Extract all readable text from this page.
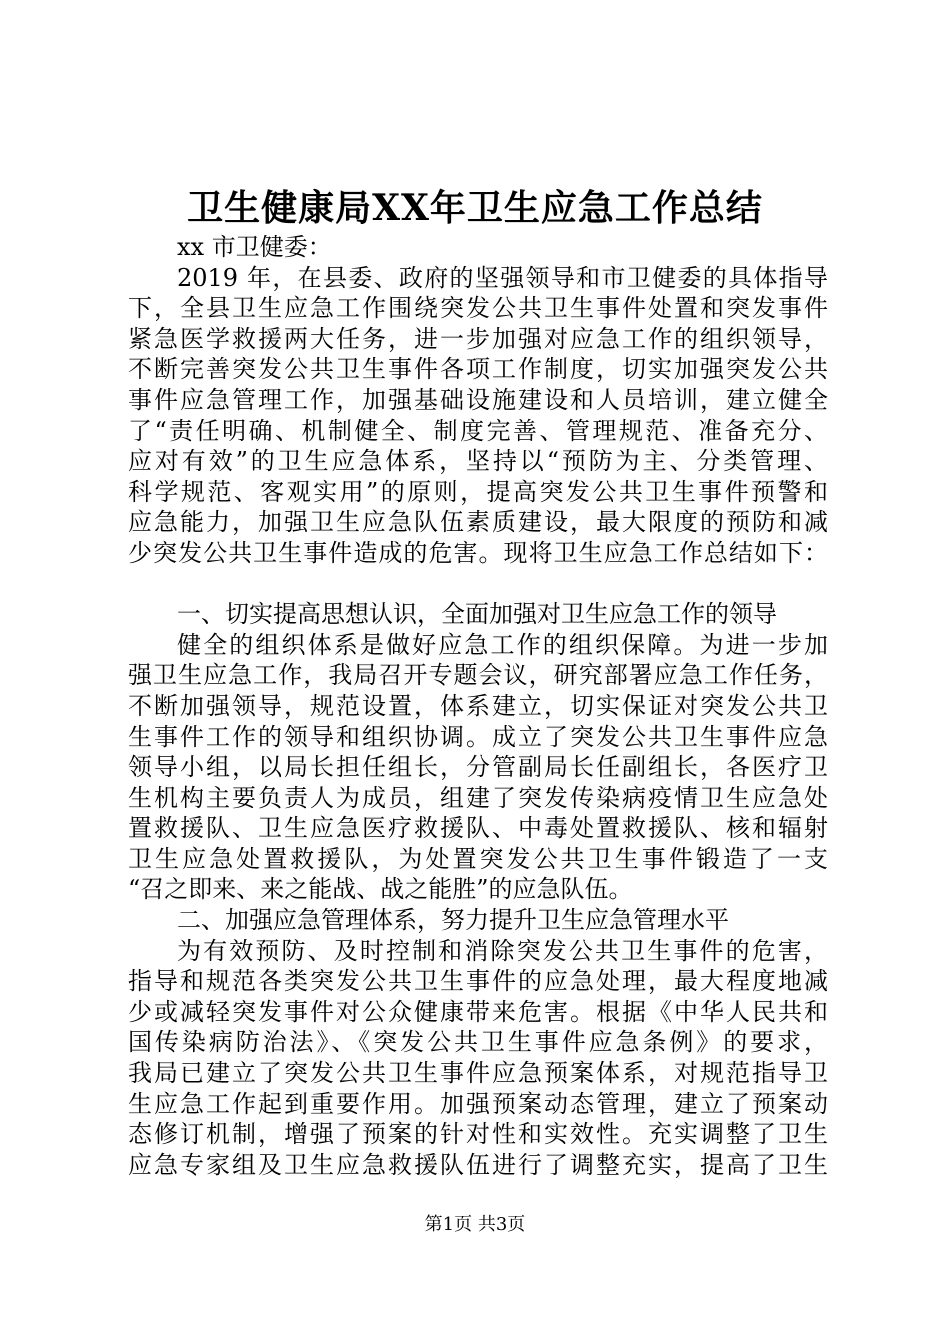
卫生健康局XX年卫生应急工作总结
xx 市卫健委：
2019 年，在县委、政府的坚强领导和市卫健委的具体指导
下，全县卫生应急工作围绕突发公共卫生事件处置和突发事件
紧急医学救援两大任务，进一步加强对应急工作的组织领导，
不断完善突发公共卫生事件各项工作制度，切实加强突发公共
事件应急管理工作，加强基础设施建设和人员培训，建立健全
了“责任明确、机制健全、制度完善、管理规范、准备充分、
应对有效”的卫生应急体系，坚持以“预防为主、分类管理、
科学规范、客观实用”的原则，提高突发公共卫生事件预警和
应急能力，加强卫生应急队伍素质建设，最大限度的预防和减
少突发公共卫生事件造成的危害。现将卫生应急工作总结如下：
一、切实提高思想认识，全面加强对卫生应急工作的领导
健全的组织体系是做好应急工作的组织保障。为进一步加
强卫生应急工作，我局召开专题会议，研究部署应急工作任务，
不断加强领导，规范设置，体系建立，切实保证对突发公共卫
生事件工作的领导和组织协调。成立了突发公共卫生事件应急
领导小组，以局长担任组长，分管副局长任副组长，各医疗卫
生机构主要负责人为成员，组建了突发传染病疫情卫生应急处
置救援队、卫生应急医疗救援队、中毒处置救援队、核和辐射
卫生应急处置救援队，为处置突发公共卫生事件锻造了一支
“召之即来、来之能战、战之能胜”的应急队伍。
二、加强应急管理体系，努力提升卫生应急管理水平
为有效预防、及时控制和消除突发公共卫生事件的危害，
指导和规范各类突发公共卫生事件的应急处理，最大程度地减
少或减轻突发事件对公众健康带来危害。根据《中华人民共和
国传染病防治法》、《突发公共卫生事件应急条例》的要求，
我局已建立了突发公共卫生事件应急预案体系，对规范指导卫
生应急工作起到重要作用。加强预案动态管理，建立了预案动
态修订机制，增强了预案的针对性和实效性。充实调整了卫生
应急专家组及卫生应急救援队伍进行了调整充实，提高了卫生
第1页 共3页
